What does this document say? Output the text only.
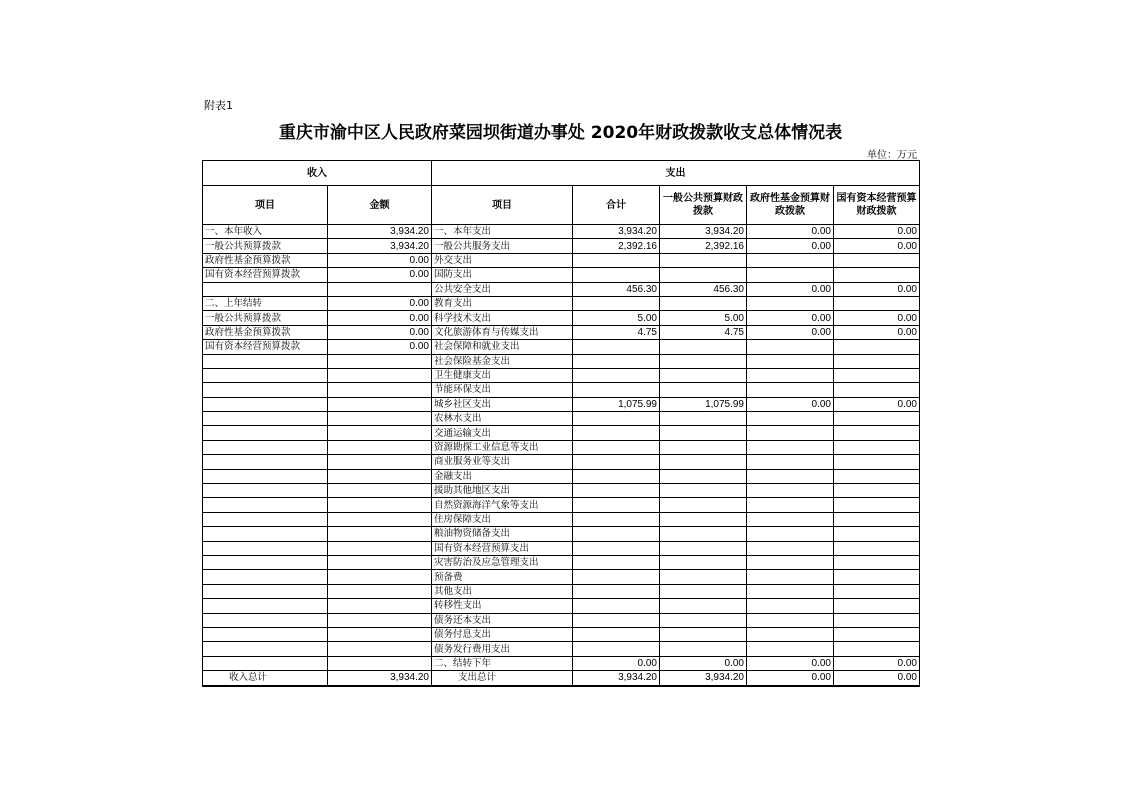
附表1
重庆市渝中区人民政府菜园坝街道办事处 2020年财政拨款收支总体情况表
单位：万元
收入		支出				
项目	金额	项目	合计	一般公共预算财政拨款	政府性基金预算财政拨款	国有资本经营预算财政拨款
一、本年收入	3,934.20	一、本年支出	3,934.20	3,934.20	0.00	0.00
一般公共预算拨款	3,934.20	一般公共服务支出	2,392.16	2,392.16	0.00	0.00
政府性基金预算拨款	0.00	外交支出				
国有资本经营预算拨款	0.00	国防支出				
		公共安全支出	456.30	456.30	0.00	0.00
二、上年结转	0.00	教育支出				
一般公共预算拨款	0.00	科学技术支出	5.00	5.00	0.00	0.00
政府性基金预算拨款	0.00	文化旅游体育与传媒支出	4.75	4.75	0.00	0.00
国有资本经营预算拨款	0.00	社会保障和就业支出				
		社会保险基金支出				
		卫生健康支出				
		节能环保支出				
		城乡社区支出	1,075.99	1,075.99	0.00	0.00
		农林水支出				
		交通运输支出				
		资源勘探工业信息等支出				
		商业服务业等支出				
		金融支出				
		援助其他地区支出				
		自然资源海洋气象等支出				
		住房保障支出				
		粮油物资储备支出				
		国有资本经营预算支出				
		灾害防治及应急管理支出				
		预备费				
		其他支出				
		转移性支出				
		债务还本支出				
		债务付息支出				
		债务发行费用支出				
		二、结转下年	0.00	0.00	0.00	0.00
收入总计	3,934.20	支出总计	3,934.20	3,934.20	0.00	0.00
